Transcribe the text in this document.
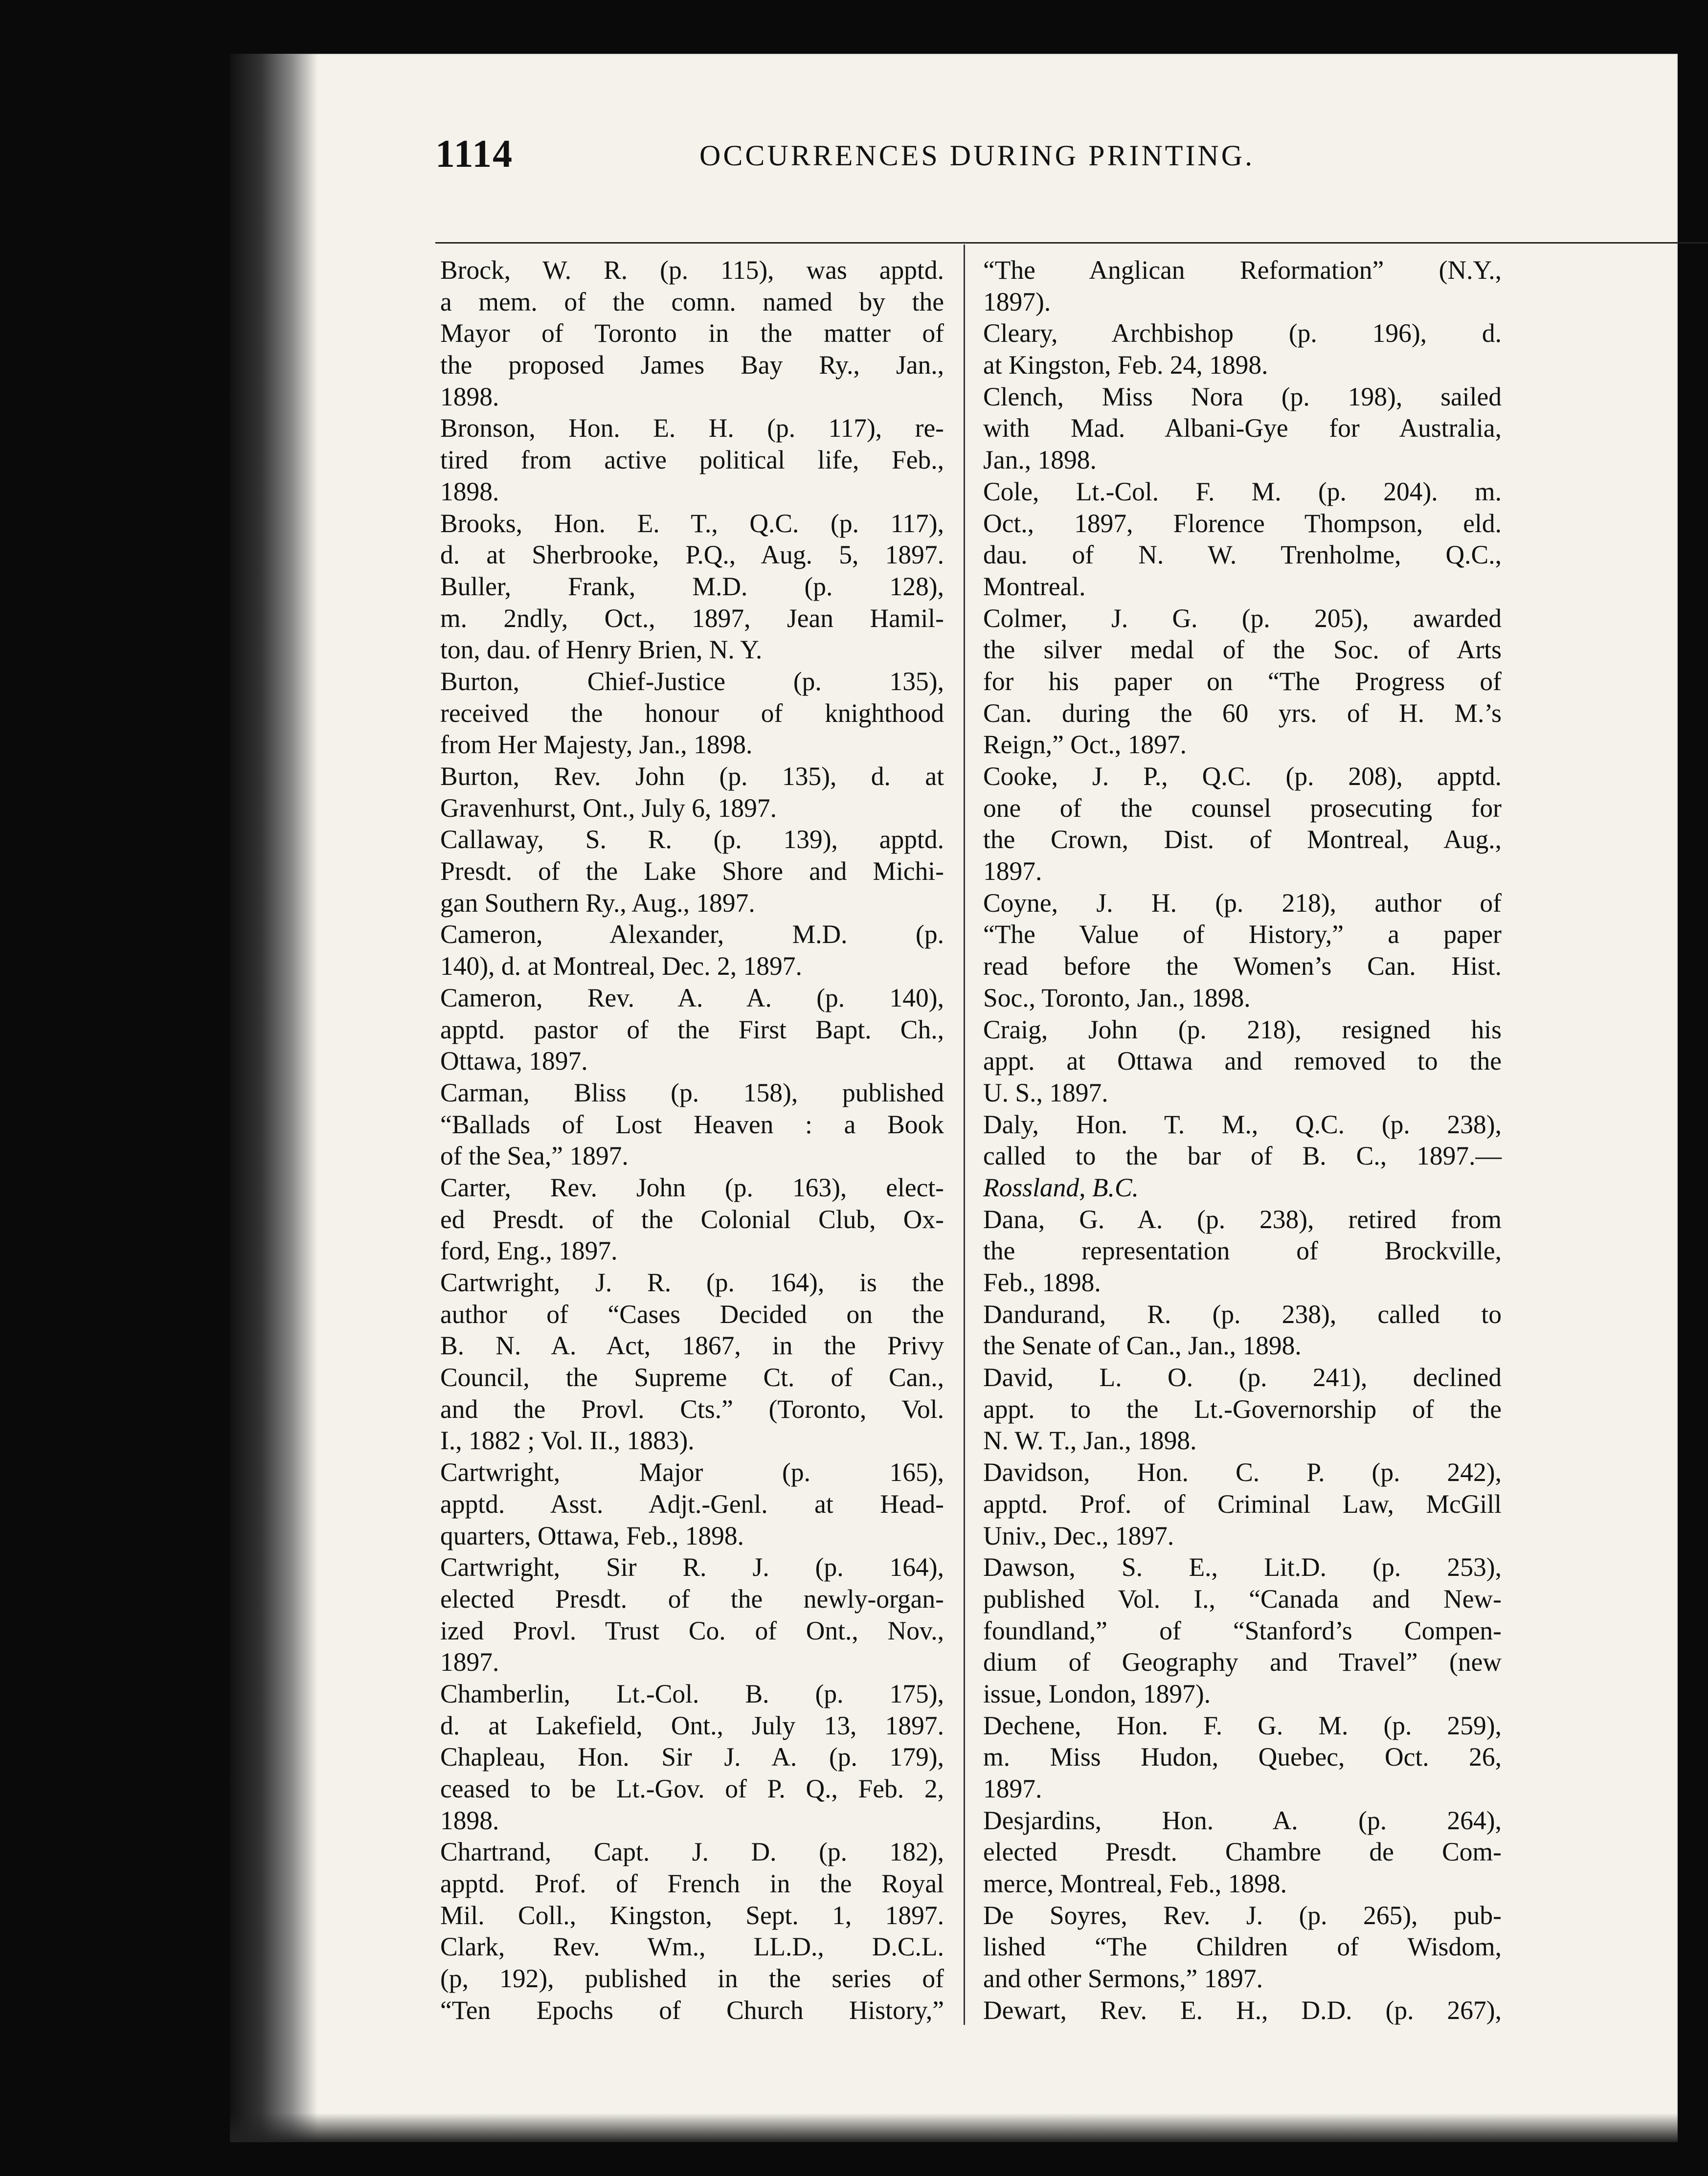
1114	OCCURRENCES DURING PRINTING.
Brock, W. R. (p. 115), was apptd.
a mem. of the comn. named by the
Mayor of Toronto in the matter of
the proposed James Bay Ry., Jan.,
1898.
Bronson, Hon. E. H. (p. 117), re-
tired from active political life, Feb.,
1898.
Brooks, Hon. E. T., Q.C. (p. 117),
d. at Sherbrooke, P.Q., Aug. 5, 1897.
Buller, Frank, M.D. (p. 128),
m. 2ndly, Oct., 1897, Jean Hamil-
ton, dau. of Henry Brien, N. Y.
Burton, Chief-Justice (p. 135),
received the honour of knighthood
from Her Majesty, Jan., 1898.
Burton, Rev. John (p. 135), d. at
Gravenhurst, Ont., July 6, 1897.
Callaway, S. R. (p. 139), apptd.
Presdt. of the Lake Shore and Michi-
gan Southern Ry., Aug., 1897.
Cameron, Alexander, M.D. (p.
140), d. at Montreal, Dec. 2, 1897.
Cameron, Rev. A. A. (p. 140),
apptd. pastor of the First Bapt. Ch.,
Ottawa, 1897.
Carman, Bliss (p. 158), published
“Ballads of Lost Heaven : a Book
of the Sea,” 1897.
Carter, Rev. John (p. 163), elect-
ed Presdt. of the Colonial Club, Ox-
ford, Eng., 1897.
Cartwright, J. R. (p. 164), is the
author of “Cases Decided on the
B. N. A. Act, 1867, in the Privy
Council, the Supreme Ct. of Can.,
and the Provl. Cts.” (Toronto, Vol.
I., 1882 ; Vol. II., 1883).
Cartwright, Major (p. 165),
apptd. Asst. Adjt.-Genl. at Head-
quarters, Ottawa, Feb., 1898.
Cartwright, Sir R. J. (p. 164),
elected Presdt. of the newly-organ-
ized Provl. Trust Co. of Ont., Nov.,
1897.
Chamberlin, Lt.-Col. B. (p. 175),
d. at Lakefield, Ont., July 13, 1897.
Chapleau, Hon. Sir J. A. (p. 179),
ceased to be Lt.-Gov. of P. Q., Feb. 2,
1898.
Chartrand, Capt. J. D. (p. 182),
apptd. Prof. of French in the Royal
Mil. Coll., Kingston, Sept. 1, 1897.
Clark, Rev. Wm., LL.D., D.C.L.
(p, 192), published in the series of
“Ten Epochs of Church History,”
“The Anglican Reformation” (N.Y.,
1897).
Cleary, Archbishop (p. 196), d.
at Kingston, Feb. 24, 1898.
Clench, Miss Nora (p. 198), sailed
with Mad. Albani-Gye for Australia,
Jan., 1898.
Cole, Lt.-Col. F. M. (p. 204). m.
Oct., 1897, Florence Thompson, eld.
dau. of N. W. Trenholme, Q.C.,
Montreal.
Colmer, J. G. (p. 205), awarded
the silver medal of the Soc. of Arts
for his paper on “The Progress of
Can. during the 60 yrs. of H. M.’s
Reign,” Oct., 1897.
Cooke, J. P., Q.C. (p. 208), apptd.
one of the counsel prosecuting for
the Crown, Dist. of Montreal, Aug.,
1897.
Coyne, J. H. (p. 218), author of
“The Value of History,” a paper
read before the Women’s Can. Hist.
Soc., Toronto, Jan., 1898.
Craig, John (p. 218), resigned his
appt. at Ottawa and removed to the
U. S., 1897.
Daly, Hon. T. M., Q.C. (p. 238),
called to the bar of B. C., 1897.—
Rossland, B.C.
Dana, G. A. (p. 238), retired from
the representation of Brockville,
Feb., 1898.
Dandurand, R. (p. 238), called to
the Senate of Can., Jan., 1898.
David, L. O. (p. 241), declined
appt. to the Lt.-Governorship of the
N. W. T., Jan., 1898.
Davidson, Hon. C. P. (p. 242),
apptd. Prof. of Criminal Law, McGill
Univ., Dec., 1897.
Dawson, S. E., Lit.D. (p. 253),
published Vol. I., “Canada and New-
foundland,” of “Stanford’s Compen-
dium of Geography and Travel” (new
issue, London, 1897).
Dechene, Hon. F. G. M. (p. 259),
m. Miss Hudon, Quebec, Oct. 26,
1897.
Desjardins, Hon. A. (p. 264),
elected Presdt. Chambre de Com-
merce, Montreal, Feb., 1898.
De Soyres, Rev. J. (p. 265), pub-
lished “The Children of Wisdom,
and other Sermons,” 1897.
Dewart, Rev. E. H., D.D. (p. 267),
